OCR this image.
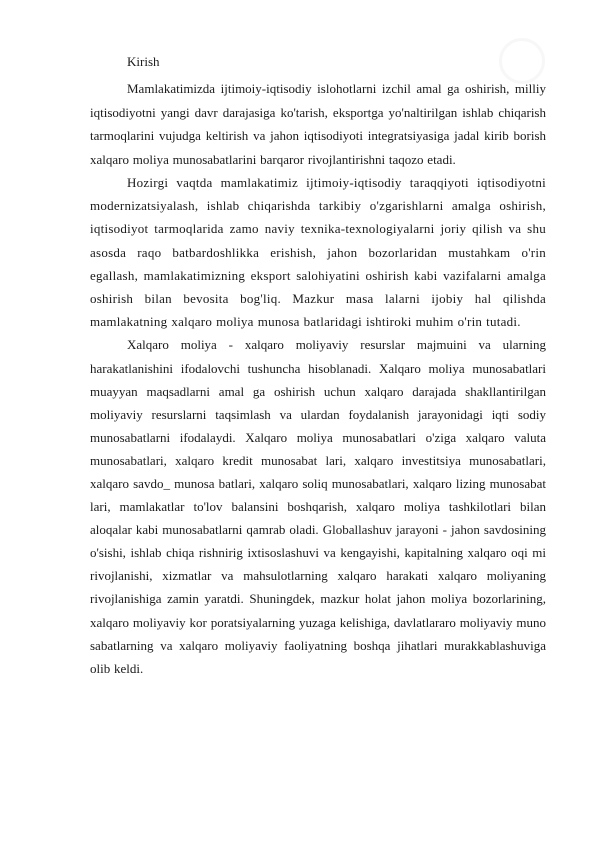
Kirish

Mamlakatimizda ijtimoiy-iqtisodiy islohotlarni izchil amal ga oshirish, milliy iqtisodiyotni yangi davr darajasiga ko'tarish, eksportga yo'naltirilgan ishlab chiqarish tarmoqlarini vujudga keltirish va jahon iqtisodiyoti integratsiyasiga jadal kirib borish xalqaro moliya munosabatlarini barqaror rivojlantirishni taqozo etadi.

Hozirgi vaqtda mamlakatimiz ijtimoiy-iqtisodiy taraqqiyoti iqtisodiyotni modernizatsiyalash, ishlab chiqarishda tarkibiy o'zgarishlarni amalga oshirish, iqtisodiyot tarmoqlarida zamo naviy texnika-texnologiyalarni joriy qilish va shu asosda raqo batbardoshlikka erishish, jahon bozorlaridan mustahkam o'rin egallash, mamlakatimizning eksport salohiyatini oshirish kabi vazifalarni amalga oshirish bilan bevosita bog'liq. Mazkur masa lalarni ijobiy hal qilishda mamlakatning xalqaro moliya munosa batlaridagi ishtiroki muhim o'rin tutadi.

Xalqaro moliya - xalqaro moliyaviy resurslar majmuini va ularning harakatlanishini ifodalovchi tushuncha hisoblanadi. Xalqaro moliya munosabatlari muayyan maqsadlarni amal ga oshirish uchun xalqaro darajada shakllantirilgan moliyaviy resurslarni taqsimlash va ulardan foydalanish jarayonidagi iqti sodiy munosabatlarni ifodalaydi. Xalqaro moliya munosabatlari o'ziga xalqaro valuta munosabatlari, xalqaro kredit munosabat lari, xalqaro investitsiya munosabatlari, xalqaro savdo_ munosa batlari, xalqaro soliq munosabatlari, xalqaro lizing munosabat lari, mamlakatlar to'lov balansini boshqarish, xalqaro moliya tashkilotlari bilan aloqalar kabi munosabatlarni qamrab oladi. Globallashuv jarayoni - jahon savdosining o'sishi, ishlab chiqa rishnirig ixtisoslashuvi va kengayishi, kapitalning xalqaro oqi mi rivojlanishi, xizmatlar va mahsulotlarning xalqaro harakati xalqaro moliyaning rivojlanishiga zamin yaratdi. Shuningdek, mazkur holat jahon moliya bozorlarining, xalqaro moliyaviy kor poratsiyalarning yuzaga kelishiga, davlatlararo moliyaviy muno sabatlarning va xalqaro moliyaviy faoliyatning boshqa jihatlari murakkablashuviga olib keldi.
